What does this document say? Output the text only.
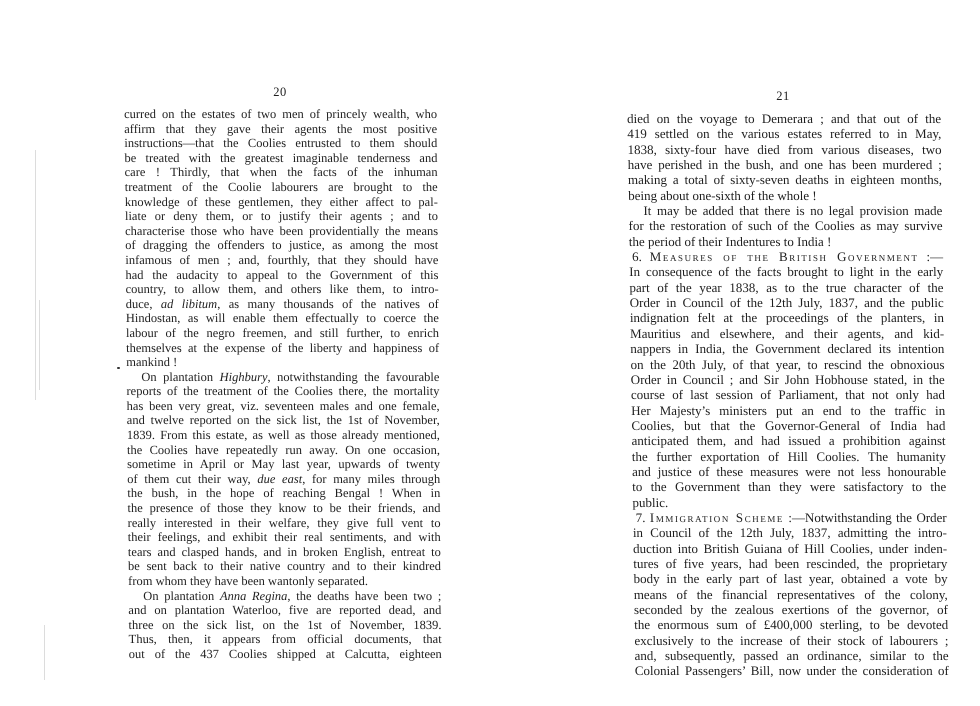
20
curred on the estates of two men of princely wealth, who
affirm that they gave their agents the most positive
instructions—that the Coolies entrusted to them should
be treated with the greatest imaginable tenderness and
care ! Thirdly, that when the facts of the inhuman
treatment of the Coolie labourers are brought to the
knowledge of these gentlemen, they either affect to pal-
liate or deny them, or to justify their agents ; and to
characterise those who have been providentially the means
of dragging the offenders to justice, as among the most
infamous of men ; and, fourthly, that they should have
had the audacity to appeal to the Government of this
country, to allow them, and others like them, to intro-
duce, ad libitum, as many thousands of the natives of
Hindostan, as will enable them effectually to coerce the
labour of the negro freemen, and still further, to enrich
themselves at the expense of the liberty and happiness of
mankind !
On plantation Highbury, notwithstanding the favourable
reports of the treatment of the Coolies there, the mortality
has been very great, viz. seventeen males and one female,
and twelve reported on the sick list, the 1st of November,
1839. From this estate, as well as those already mentioned,
the Coolies have repeatedly run away. On one occasion,
sometime in April or May last year, upwards of twenty
of them cut their way, due east, for many miles through
the bush, in the hope of reaching Bengal ! When in
the presence of those they know to be their friends, and
really interested in their welfare, they give full vent to
their feelings, and exhibit their real sentiments, and with
tears and clasped hands, and in broken English, entreat to
be sent back to their native country and to their kindred
from whom they have been wantonly separated.
On plantation Anna Regina, the deaths have been two ;
and on plantation Waterloo, five are reported dead, and
three on the sick list, on the 1st of November, 1839.
Thus, then, it appears from official documents, that
out of the 437 Coolies shipped at Calcutta, eighteen
21
died on the voyage to Demerara ; and that out of the
419 settled on the various estates referred to in May,
1838, sixty-four have died from various diseases, two
have perished in the bush, and one has been murdered ;
making a total of sixty-seven deaths in eighteen months,
being about one-sixth of the whole !
It may be added that there is no legal provision made
for the restoration of such of the Coolies as may survive
the period of their Indentures to India !
6. Measures of the British Government :—
In consequence of the facts brought to light in the early
part of the year 1838, as to the true character of the
Order in Council of the 12th July, 1837, and the public
indignation felt at the proceedings of the planters, in
Mauritius and elsewhere, and their agents, and kid-
nappers in India, the Government declared its intention
on the 20th July, of that year, to rescind the obnoxious
Order in Council ; and Sir John Hobhouse stated, in the
course of last session of Parliament, that not only had
Her Majesty’s ministers put an end to the traffic in
Coolies, but that the Governor-General of India had
anticipated them, and had issued a prohibition against
the further exportation of Hill Coolies. The humanity
and justice of these measures were not less honourable
to the Government than they were satisfactory to the
public.
7. Immigration Scheme :—Notwithstanding the Order
in Council of the 12th July, 1837, admitting the intro-
duction into British Guiana of Hill Coolies, under inden-
tures of five years, had been rescinded, the proprietary
body in the early part of last year, obtained a vote by
means of the financial representatives of the colony,
seconded by the zealous exertions of the governor, of
the enormous sum of £400,000 sterling, to be devoted
exclusively to the increase of their stock of labourers ;
and, subsequently, passed an ordinance, similar to the
Colonial Passengers’ Bill, now under the consideration of
